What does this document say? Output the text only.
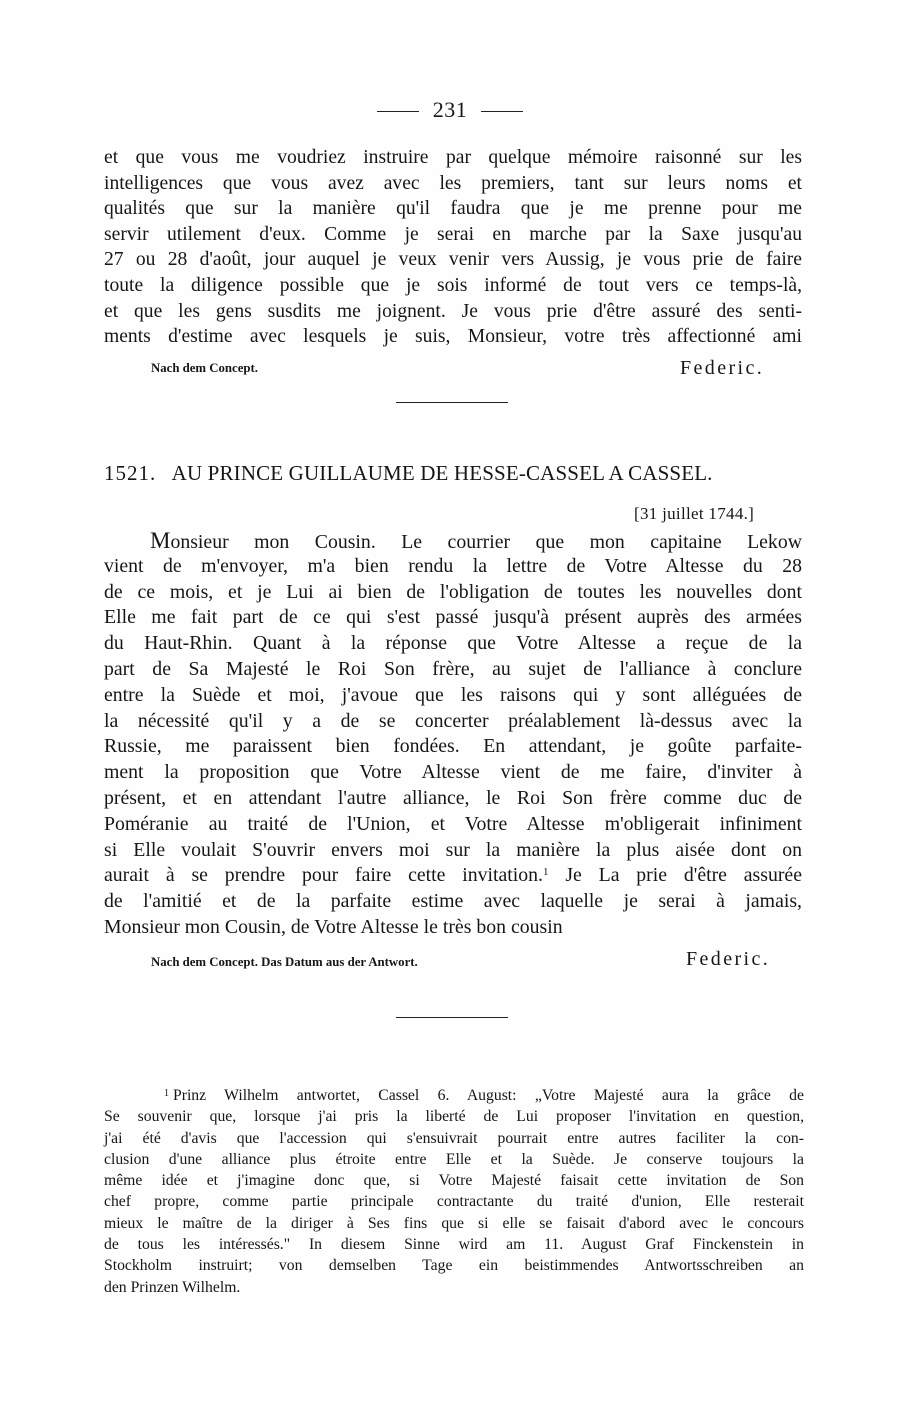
231
et que vous me voudriez instruire par quelque mémoire raisonné sur les
intelligences que vous avez avec les premiers, tant sur leurs noms et
qualités que sur la manière qu'il faudra que je me prenne pour me
servir utilement d'eux. Comme je serai en marche par la Saxe jusqu'au
27 ou 28 d'août, jour auquel je veux venir vers Aussig, je vous prie de faire
toute la diligence possible que je sois informé de tout vers ce temps-là,
et que les gens susdits me joignent. Je vous prie d'être assuré des senti-
ments d'estime avec lesquels je suis, Monsieur, votre très affectionné ami
Nach dem Concept.	Federic.
1521. AU PRINCE GUILLAUME DE HESSE-CASSEL A CASSEL.
[31 juillet 1744.]
Monsieur mon Cousin. Le courrier que mon capitaine Lekow
vient de m'envoyer, m'a bien rendu la lettre de Votre Altesse du 28
de ce mois, et je Lui ai bien de l'obligation de toutes les nouvelles dont
Elle me fait part de ce qui s'est passé jusqu'à présent auprès des armées
du Haut-Rhin. Quant à la réponse que Votre Altesse a reçue de la
part de Sa Majesté le Roi Son frère, au sujet de l'alliance à conclure
entre la Suède et moi, j'avoue que les raisons qui y sont alléguées de
la nécessité qu'il y a de se concerter préalablement là-dessus avec la
Russie, me paraissent bien fondées. En attendant, je goûte parfaite-
ment la proposition que Votre Altesse vient de me faire, d'inviter à
présent, et en attendant l'autre alliance, le Roi Son frère comme duc de
Poméranie au traité de l'Union, et Votre Altesse m'obligerait infiniment
si Elle voulait S'ouvrir envers moi sur la manière la plus aisée dont on
aurait à se prendre pour faire cette invitation.$^1$ Je La prie d'être assurée
de l'amitié et de la parfaite estime avec laquelle je serai à jamais,
Monsieur mon Cousin, de Votre Altesse le très bon cousin
Nach dem Concept. Das Datum aus der Antwort.	Federic.
$^1$ Prinz Wilhelm antwortet, Cassel 6. August: „Votre Majesté aura la grâce de
Se souvenir que, lorsque j'ai pris la liberté de Lui proposer l'invitation en question,
j'ai été d'avis que l'accession qui s'ensuivrait pourrait entre autres faciliter la con-
clusion d'une alliance plus étroite entre Elle et la Suède. Je conserve toujours la
même idée et j'imagine donc que, si Votre Majesté faisait cette invitation de Son
chef propre, comme partie principale contractante du traité d'union, Elle resterait
mieux le maître de la diriger à Ses fins que si elle se faisait d'abord avec le concours
de tous les intéressés." In diesem Sinne wird am 11. August Graf Finckenstein in
Stockholm instruirt; von demselben Tage ein beistimmendes Antwortsschreiben an
den Prinzen Wilhelm.
